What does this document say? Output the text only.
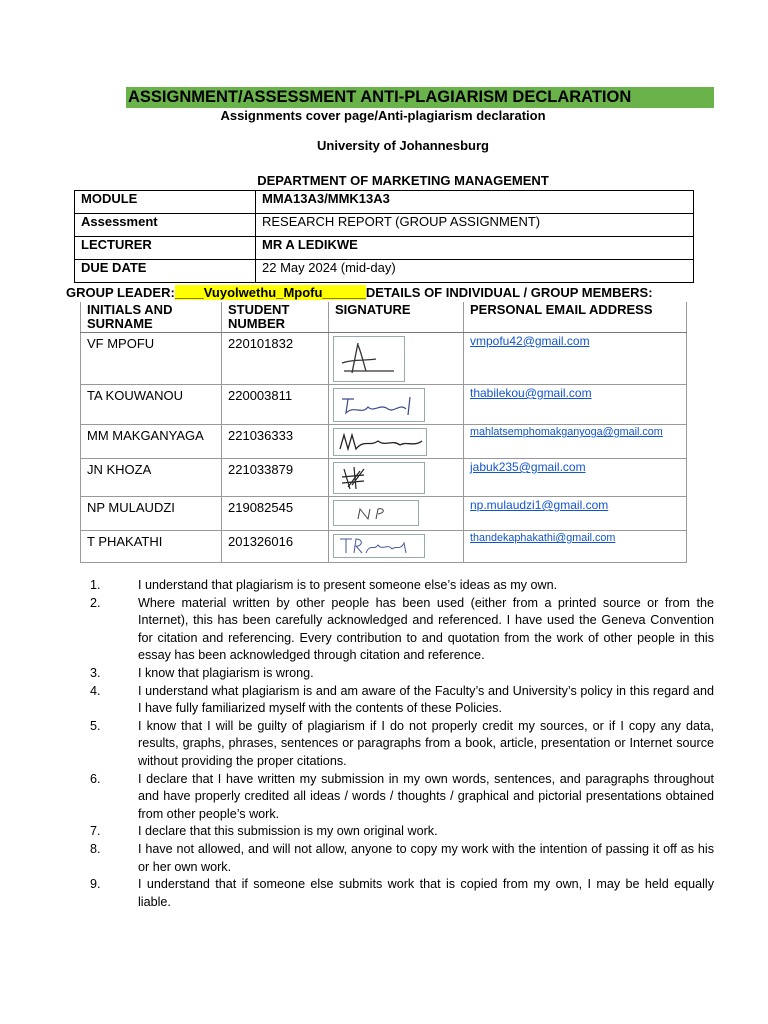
ASSIGNMENT/ASSESSMENT ANTI-PLAGIARISM DECLARATION
Assignments cover page/Anti-plagiarism declaration
University of Johannesburg
DEPARTMENT OF MARKETING MANAGEMENT
MODULE	MMA13A3/MMK13A3
Assessment	RESEARCH REPORT (GROUP ASSIGNMENT)
LECTURER	MR A LEDIKWE
DUE DATE	22 May 2024 (mid-day)
GROUP LEADER:____Vuyolwethu_Mpofu______DETAILS OF INDIVIDUAL / GROUP MEMBERS:
INITIALS AND SURNAME	STUDENT NUMBER	SIGNATURE	PERSONAL EMAIL ADDRESS
VF MPOFU	220101832		vmpofu42@gmail.com
TA KOUWANOU	220003811		thabilekou@gmail.com
MM MAKGANYAGA	221036333		mahlatsemphomakganyoga@gmail.com
JN KHOZA	221033879		jabuk235@gmail.com
NP MULAUDZI	219082545		np.mulaudzi1@gmail.com
T PHAKATHI	201326016		thandekaphakathi@gmail.com
1.	I understand that plagiarism is to present someone else’s ideas as my own.
2.	Where material written by other people has been used (either from a printed source or from the Internet), this has been carefully acknowledged and referenced. I have used the Geneva Convention for citation and referencing. Every contribution to and quotation from the work of other people in this essay has been acknowledged through citation and reference.
3.	I know that plagiarism is wrong.
4.	I understand what plagiarism is and am aware of the Faculty’s and University’s policy in this regard and I have fully familiarized myself with the contents of these Policies.
5.	I know that I will be guilty of plagiarism if I do not properly credit my sources, or if I copy any data, results, graphs, phrases, sentences or paragraphs from a book, article, presentation or Internet source without providing the proper citations.
6.	I declare that I have written my submission in my own words, sentences, and paragraphs throughout and have properly credited all ideas / words / thoughts / graphical and pictorial presentations obtained from other people’s work.
7.	I declare that this submission is my own original work.
8.	I have not allowed, and will not allow, anyone to copy my work with the intention of passing it off as his or her own work.
9.	I understand that if someone else submits work that is copied from my own, I may be held equally liable.
